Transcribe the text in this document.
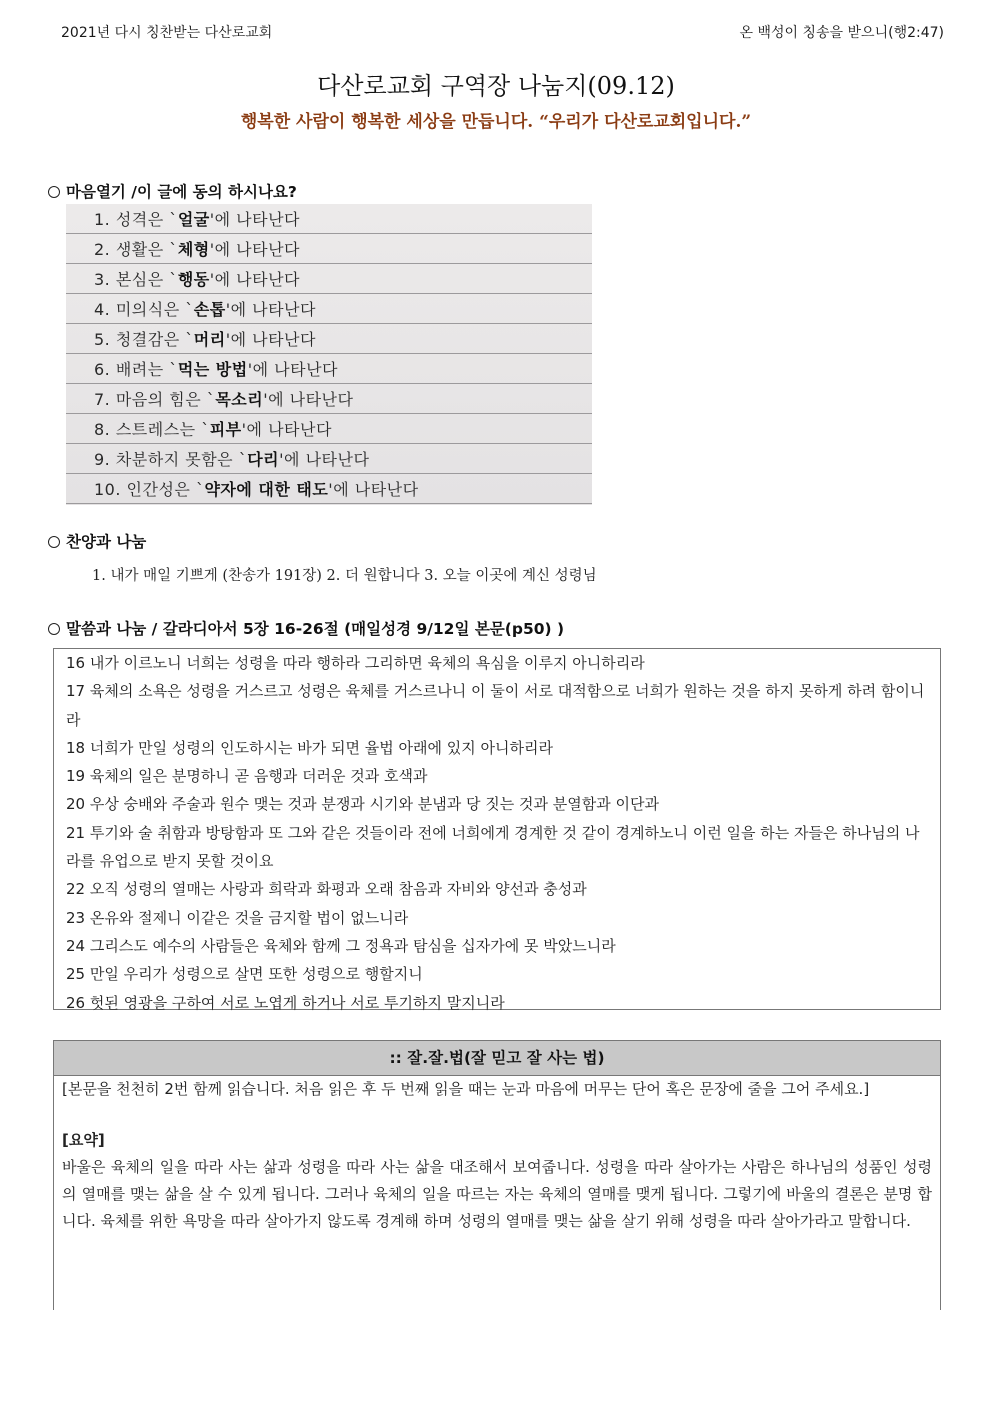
2021년 다시 칭찬받는 다산로교회	온 백성이 칭송을 받으니(행2:47)
다산로교회 구역장 나눔지(09.12)
행복한 사람이 행복한 세상을 만듭니다. “우리가 다산로교회입니다.”
마음열기 /이 글에 동의 하시나요?
1. 성격은 `얼굴'에 나타난다
2. 생활은 `체형'에 나타난다
3. 본심은 `행동'에 나타난다
4. 미의식은 `손톱'에 나타난다
5. 청결감은 `머리'에 나타난다
6. 배려는 `먹는 방법'에 나타난다
7. 마음의 힘은 `목소리'에 나타난다
8. 스트레스는 `피부'에 나타난다
9. 차분하지 못함은 `다리'에 나타난다
10. 인간성은 `약자에 대한 태도'에 나타난다
찬양과 나눔
1. 내가 매일 기쁘게 (찬송가 191장) 2. 더 원합니다 3. 오늘 이곳에 계신 성령님
말씀과 나눔 / 갈라디아서 5장 16-26절 (매일성경 9/12일 본문(p50) )

16 내가 이르노니 너희는 성령을 따라 행하라 그리하면 육체의 욕심을 이루지 아니하리라

17 육체의 소욕은 성령을 거스르고 성령은 육체를 거스르나니 이 둘이 서로 대적함으로 너희가 원하는 것을 하지 못하게 하려 함이니라

18 너희가 만일 성령의 인도하시는 바가 되면 율법 아래에 있지 아니하리라

19 육체의 일은 분명하니 곧 음행과 더러운 것과 호색과

20 우상 숭배와 주술과 원수 맺는 것과 분쟁과 시기와 분냄과 당 짓는 것과 분열함과 이단과

21 투기와 술 취함과 방탕함과 또 그와 같은 것들이라 전에 너희에게 경계한 것 같이 경계하노니 이런 일을 하는 자들은 하나님의 나라를 유업으로 받지 못할 것이요

22 오직 성령의 열매는 사랑과 희락과 화평과 오래 참음과 자비와 양선과 충성과

23 온유와 절제니 이같은 것을 금지할 법이 없느니라

24 그리스도 예수의 사람들은 육체와 함께 그 정욕과 탐심을 십자가에 못 박았느니라

25 만일 우리가 성령으로 살면 또한 성령으로 행할지니

26 헛된 영광을 구하여 서로 노엽게 하거나 서로 투기하지 말지니라

:: 잘.잘.법(잘 믿고 잘 사는 법)

[본문을 천천히 2번 함께 읽습니다. 처음 읽은 후 두 번째 읽을 때는 눈과 마음에 머무는 단어 혹은 문장에 줄을 그어 주세요.]

[요약]

바울은 육체의 일을 따라 사는 삶과 성령을 따라 사는 삶을 대조해서 보여줍니다. 성령을 따라 살아가는 사람은 하나님의 성품인 성령의 열매를 맺는 삶을 살 수 있게 됩니다. 그러나 육체의 일을 따르는 자는 육체의 열매를 맺게 됩니다. 그렇기에 바울의 결론은 분명 합니다. 육체를 위한 욕망을 따라 살아가지 않도록 경계해 하며 성령의 열매를 맺는 삶을 살기 위해 성령을 따라 살아가라고 말합니다.
